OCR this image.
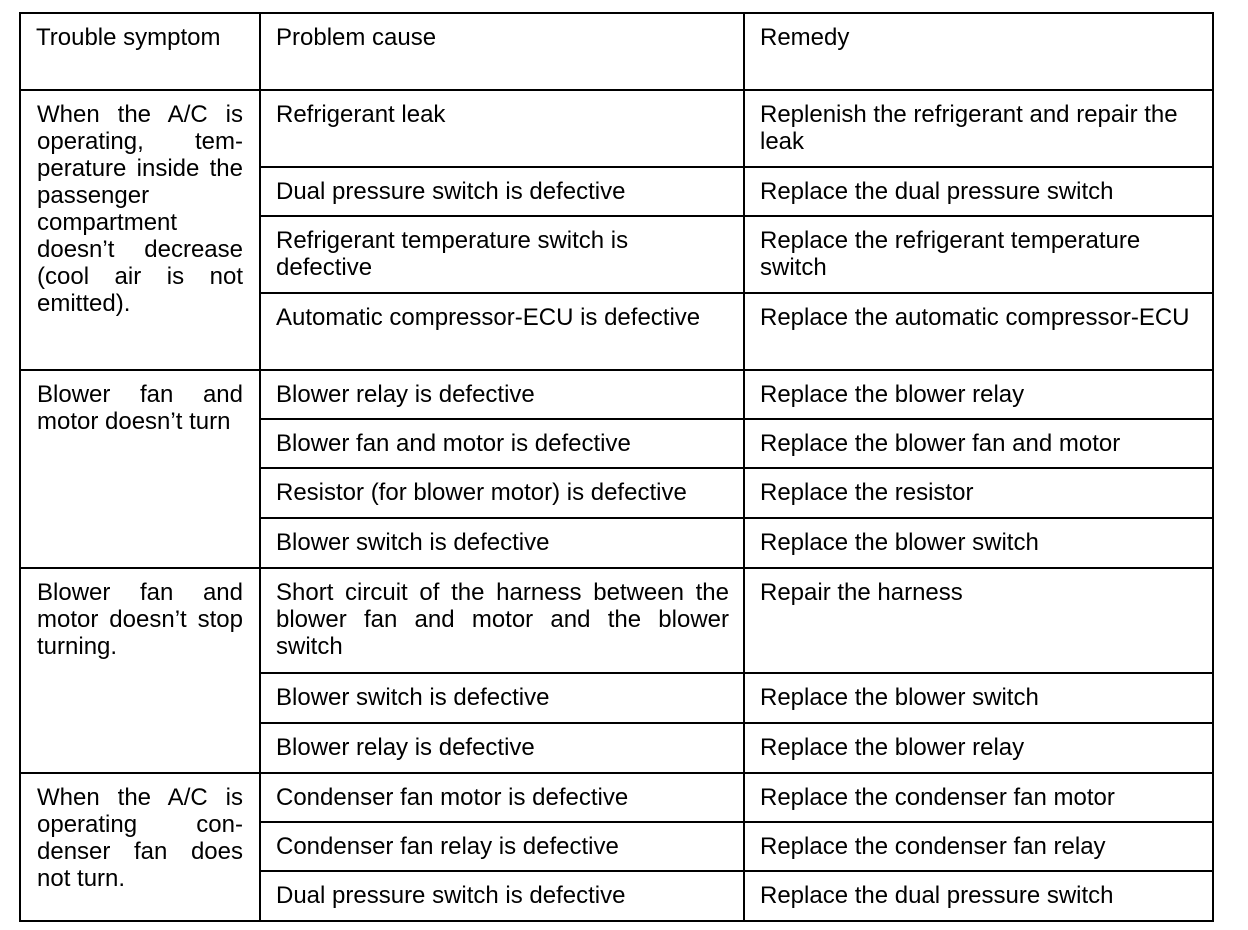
Trouble symptom	Problem cause	Remedy
When the A/C is operating, temperature inside the passenger compartment doesn’t decrease (cool air is not emitted).	Refrigerant leak	Replenish the refrigerant and repair the leak
	Dual pressure switch is defective	Replace the dual pressure switch
	Refrigerant temperature switch is defective	Replace the refrigerant temperature switch
	Automatic compressor-ECU is defective	Replace the automatic compressor-ECU
Blower fan and motor doesn’t turn	Blower relay is defective	Replace the blower relay
	Blower fan and motor is defective	Replace the blower fan and motor
	Resistor (for blower motor) is defective	Replace the resistor
	Blower switch is defective	Replace the blower switch
Blower fan and motor doesn’t stop turning.	Short circuit of the harness between the blower fan and motor and the blower switch	Repair the harness
	Blower switch is defective	Replace the blower switch
	Blower relay is defective	Replace the blower relay
When the A/C is operating condenser fan does not turn.	Condenser fan motor is defective	Replace the condenser fan motor
	Condenser fan relay is defective	Replace the condenser fan relay
	Dual pressure switch is defective	Replace the dual pressure switch
